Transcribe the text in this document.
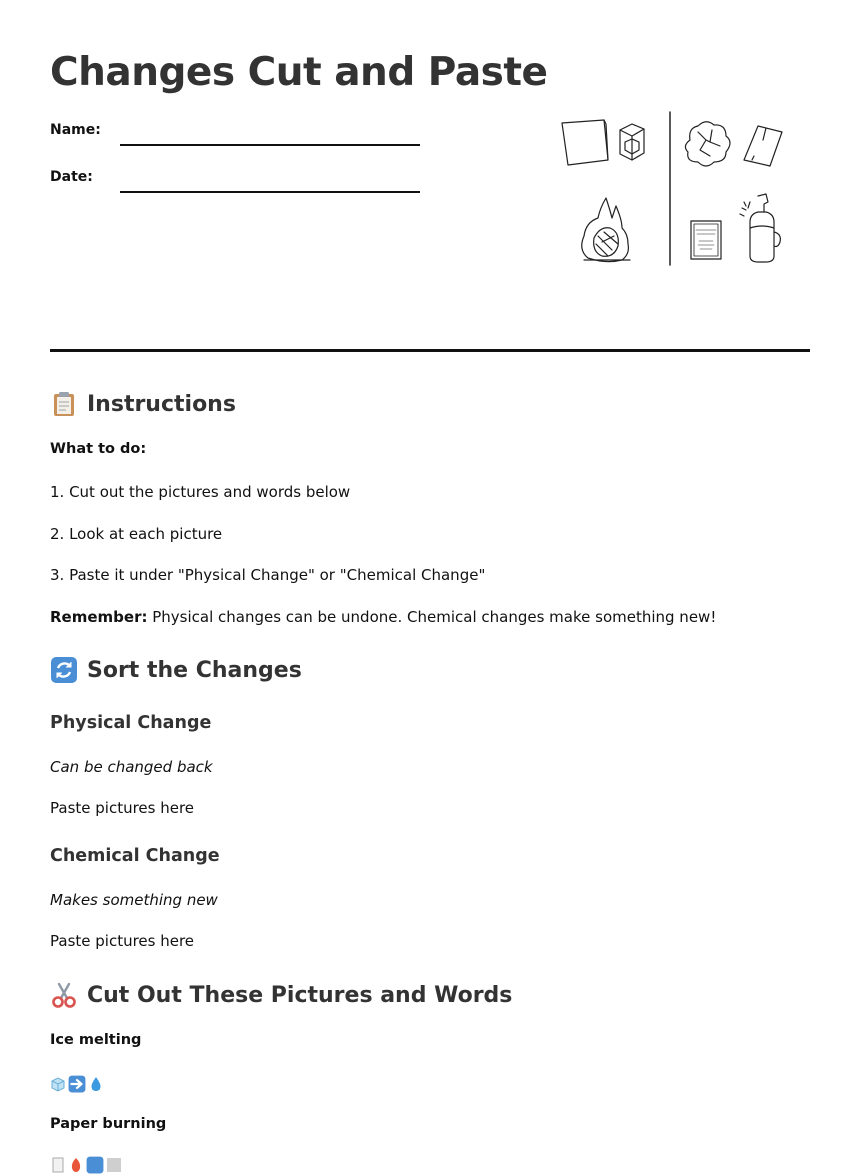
Changes Cut and Paste
Name:
Date:
Instructions

What to do:

1. Cut out the pictures and words below

2. Look at each picture

3. Paste it under "Physical Change" or "Chemical Change"

Remember: Physical changes can be undone. Chemical changes make something new!

Sort the Changes
Physical Change

Can be changed back

Paste pictures here

Chemical Change

Makes something new

Paste pictures here

Cut Out These Pictures and Words

Ice melting

Paper burning
